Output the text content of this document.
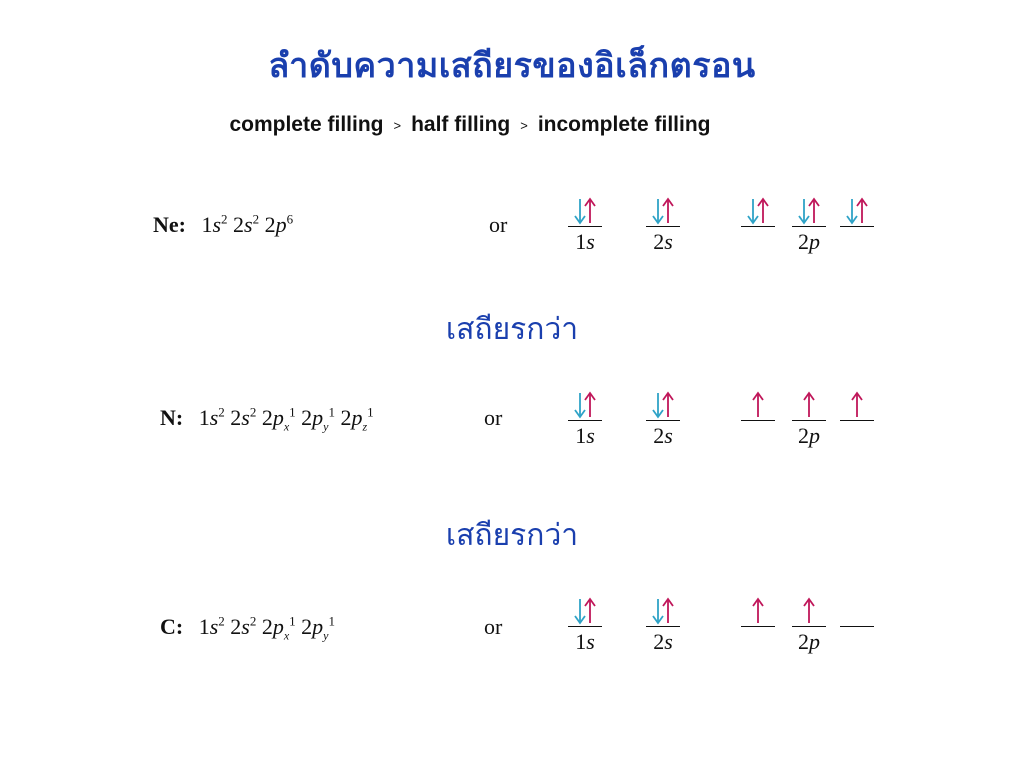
ลำดับความเสถียรของอิเล็กตรอน
complete filling > half filling > incomplete filling
Ne: $1s^2$ $2s^2$ $2p^6$	or
N: $1s^2$ $2s^2$ $2p_x^1$ $2p_y^1$ $2p_z^1$	or
C: $1s^2$ $2s^2$ $2p_x^1$ $2p_y^1$	or
เสถียรกว่า
เสถียรกว่า
1s	2s	2p
1s	2s	2p
1s	2s	2p
